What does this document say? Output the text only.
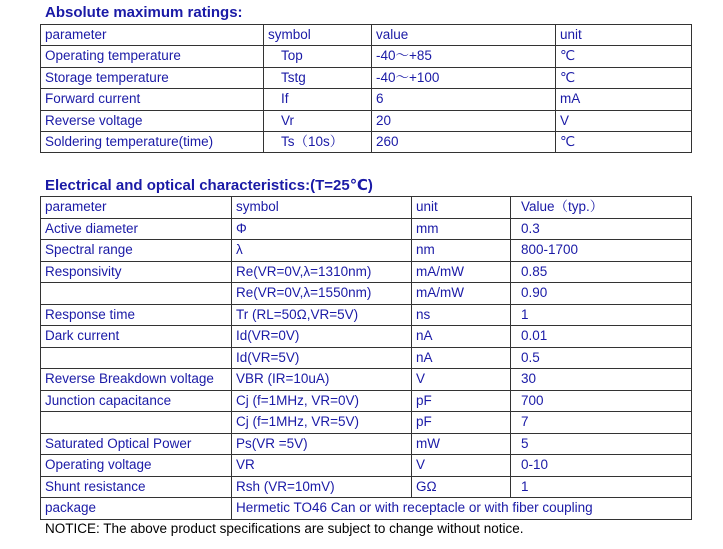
Absolute maximum ratings:
parameter	symbol	value	unit
Operating temperature	Top	-40～+85	℃
Storage temperature	Tstg	-40～+100	℃
Forward current	If	6	mA
Reverse voltage	Vr	20	V
Soldering temperature(time)	Ts（10s）	260	℃
Electrical and optical characteristics:(T=25℃)
parameter	symbol	unit	Value（typ.）
Active diameter	Φ	mm	0.3
Spectral range	λ	nm	800-1700
Responsivity	Re(VR=0V,λ=1310nm)	mA/mW	0.85
	Re(VR=0V,λ=1550nm)	mA/mW	0.90
Response time	Tr (RL=50Ω,VR=5V)	ns	1
Dark current	Id(VR=0V)	nA	0.01
	Id(VR=5V)	nA	0.5
Reverse Breakdown voltage	VBR (IR=10uA)	V	30
Junction capacitance	Cj (f=1MHz, VR=0V)	pF	700
	Cj (f=1MHz, VR=5V)	pF	7
Saturated Optical Power	Ps(VR =5V)	mW	5
Operating voltage	VR	V	0-10
Shunt resistance	Rsh (VR=10mV)	GΩ	1
package	Hermetic TO46 Can or with receptacle or with fiber coupling		
NOTICE: The above product specifications are subject to change without notice.
